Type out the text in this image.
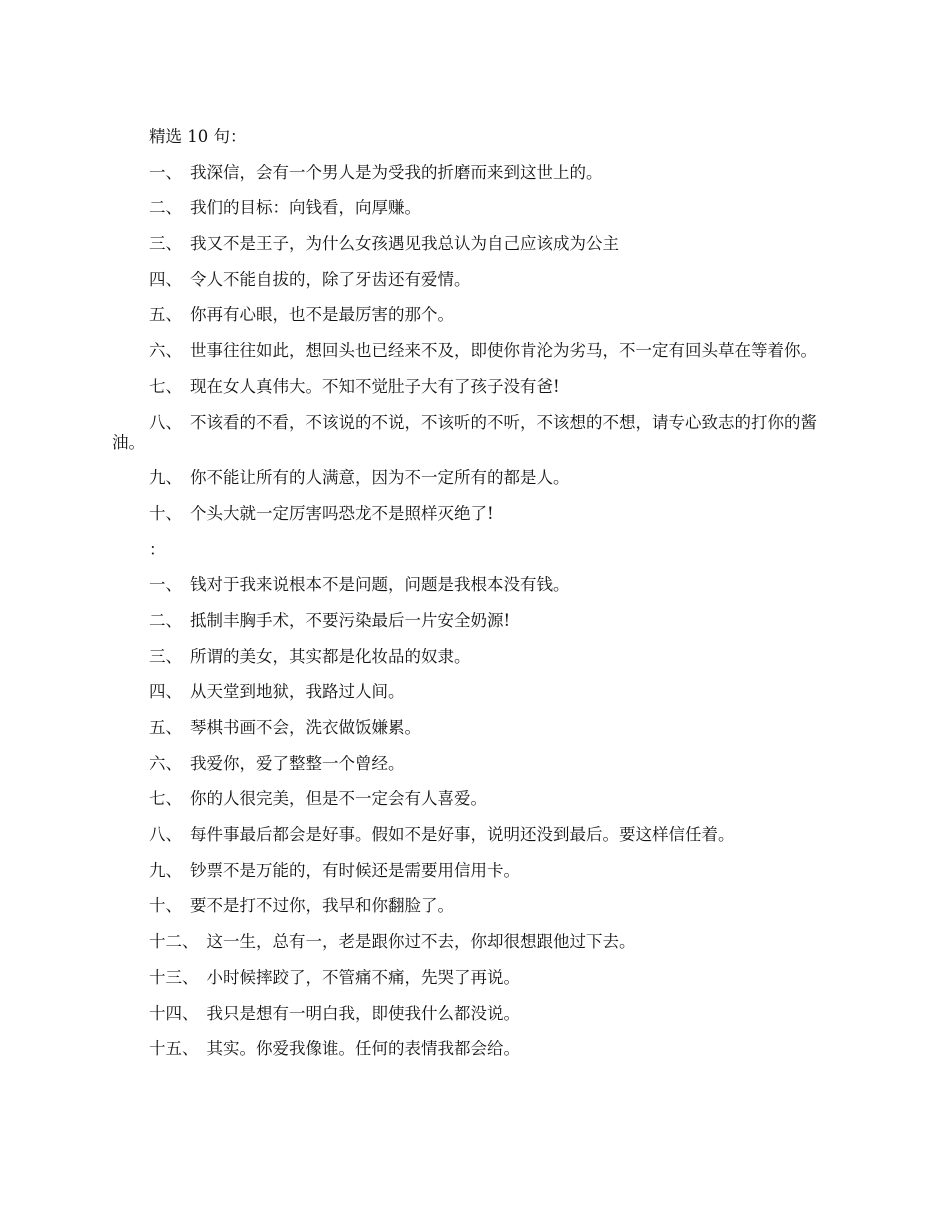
精选 10 句：

一、 我深信，会有一个男人是为受我的折磨而来到这世上的。

二、 我们的目标：向钱看，向厚赚。

三、 我又不是王子，为什么女孩遇见我总认为自己应该成为公主

四、 令人不能自拔的，除了牙齿还有爱情。

五、 你再有心眼，也不是最厉害的那个。

六、 世事往往如此，想回头也已经来不及，即使你肯沦为劣马，不一定有回头草在等着你。

七、 现在女人真伟大。不知不觉肚子大有了孩子没有爸!

八、 不该看的不看，不该说的不说，不该听的不听，不该想的不想，请专心致志的打你的酱油。

九、 你不能让所有的人满意，因为不一定所有的都是人。

十、 个头大就一定厉害吗恐龙不是照样灭绝了!

：

一、 钱对于我来说根本不是问题，问题是我根本没有钱。

二、 抵制丰胸手术，不要污染最后一片安全奶源!

三、 所谓的美女，其实都是化妆品的奴隶。

四、 从天堂到地狱，我路过人间。

五、 琴棋书画不会，洗衣做饭嫌累。

六、 我爱你，爱了整整一个曾经。

七、 你的人很完美，但是不一定会有人喜爱。

八、 每件事最后都会是好事。假如不是好事，说明还没到最后。要这样信任着。

九、 钞票不是万能的，有时候还是需要用信用卡。

十、 要不是打不过你，我早和你翻脸了。

十二、 这一生，总有一，老是跟你过不去，你却很想跟他过下去。

十三、 小时候摔跤了，不管痛不痛，先哭了再说。

十四、 我只是想有一明白我，即使我什么都没说。

十五、 其实。你爱我像谁。任何的表情我都会给。
